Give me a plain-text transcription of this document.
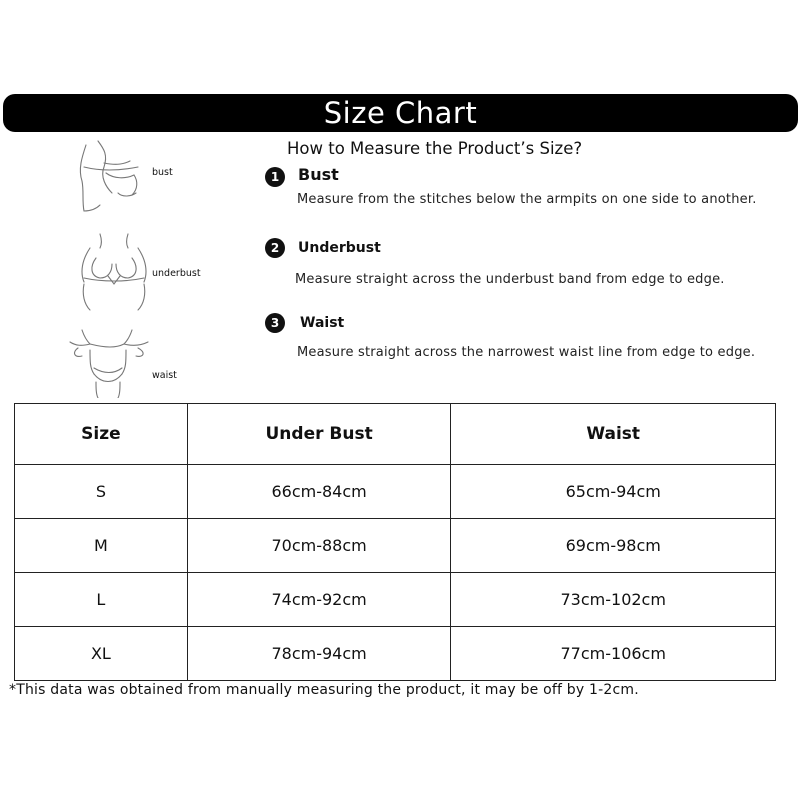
Size Chart
How to Measure the Product’s Size?
bust
underbust
waist
1	Bust
Measure from the stitches below the armpits on one side to another.
2	Underbust
Measure straight across the underbust band from edge to edge.
3	Waist
Measure straight across the narrowest waist line from edge to edge.
Size	Under Bust	Waist
S	66cm-84cm	65cm-94cm
M	70cm-88cm	69cm-98cm
L	74cm-92cm	73cm-102cm
XL	78cm-94cm	77cm-106cm
*This data was obtained from manually measuring the product, it may be off by 1-2cm.
